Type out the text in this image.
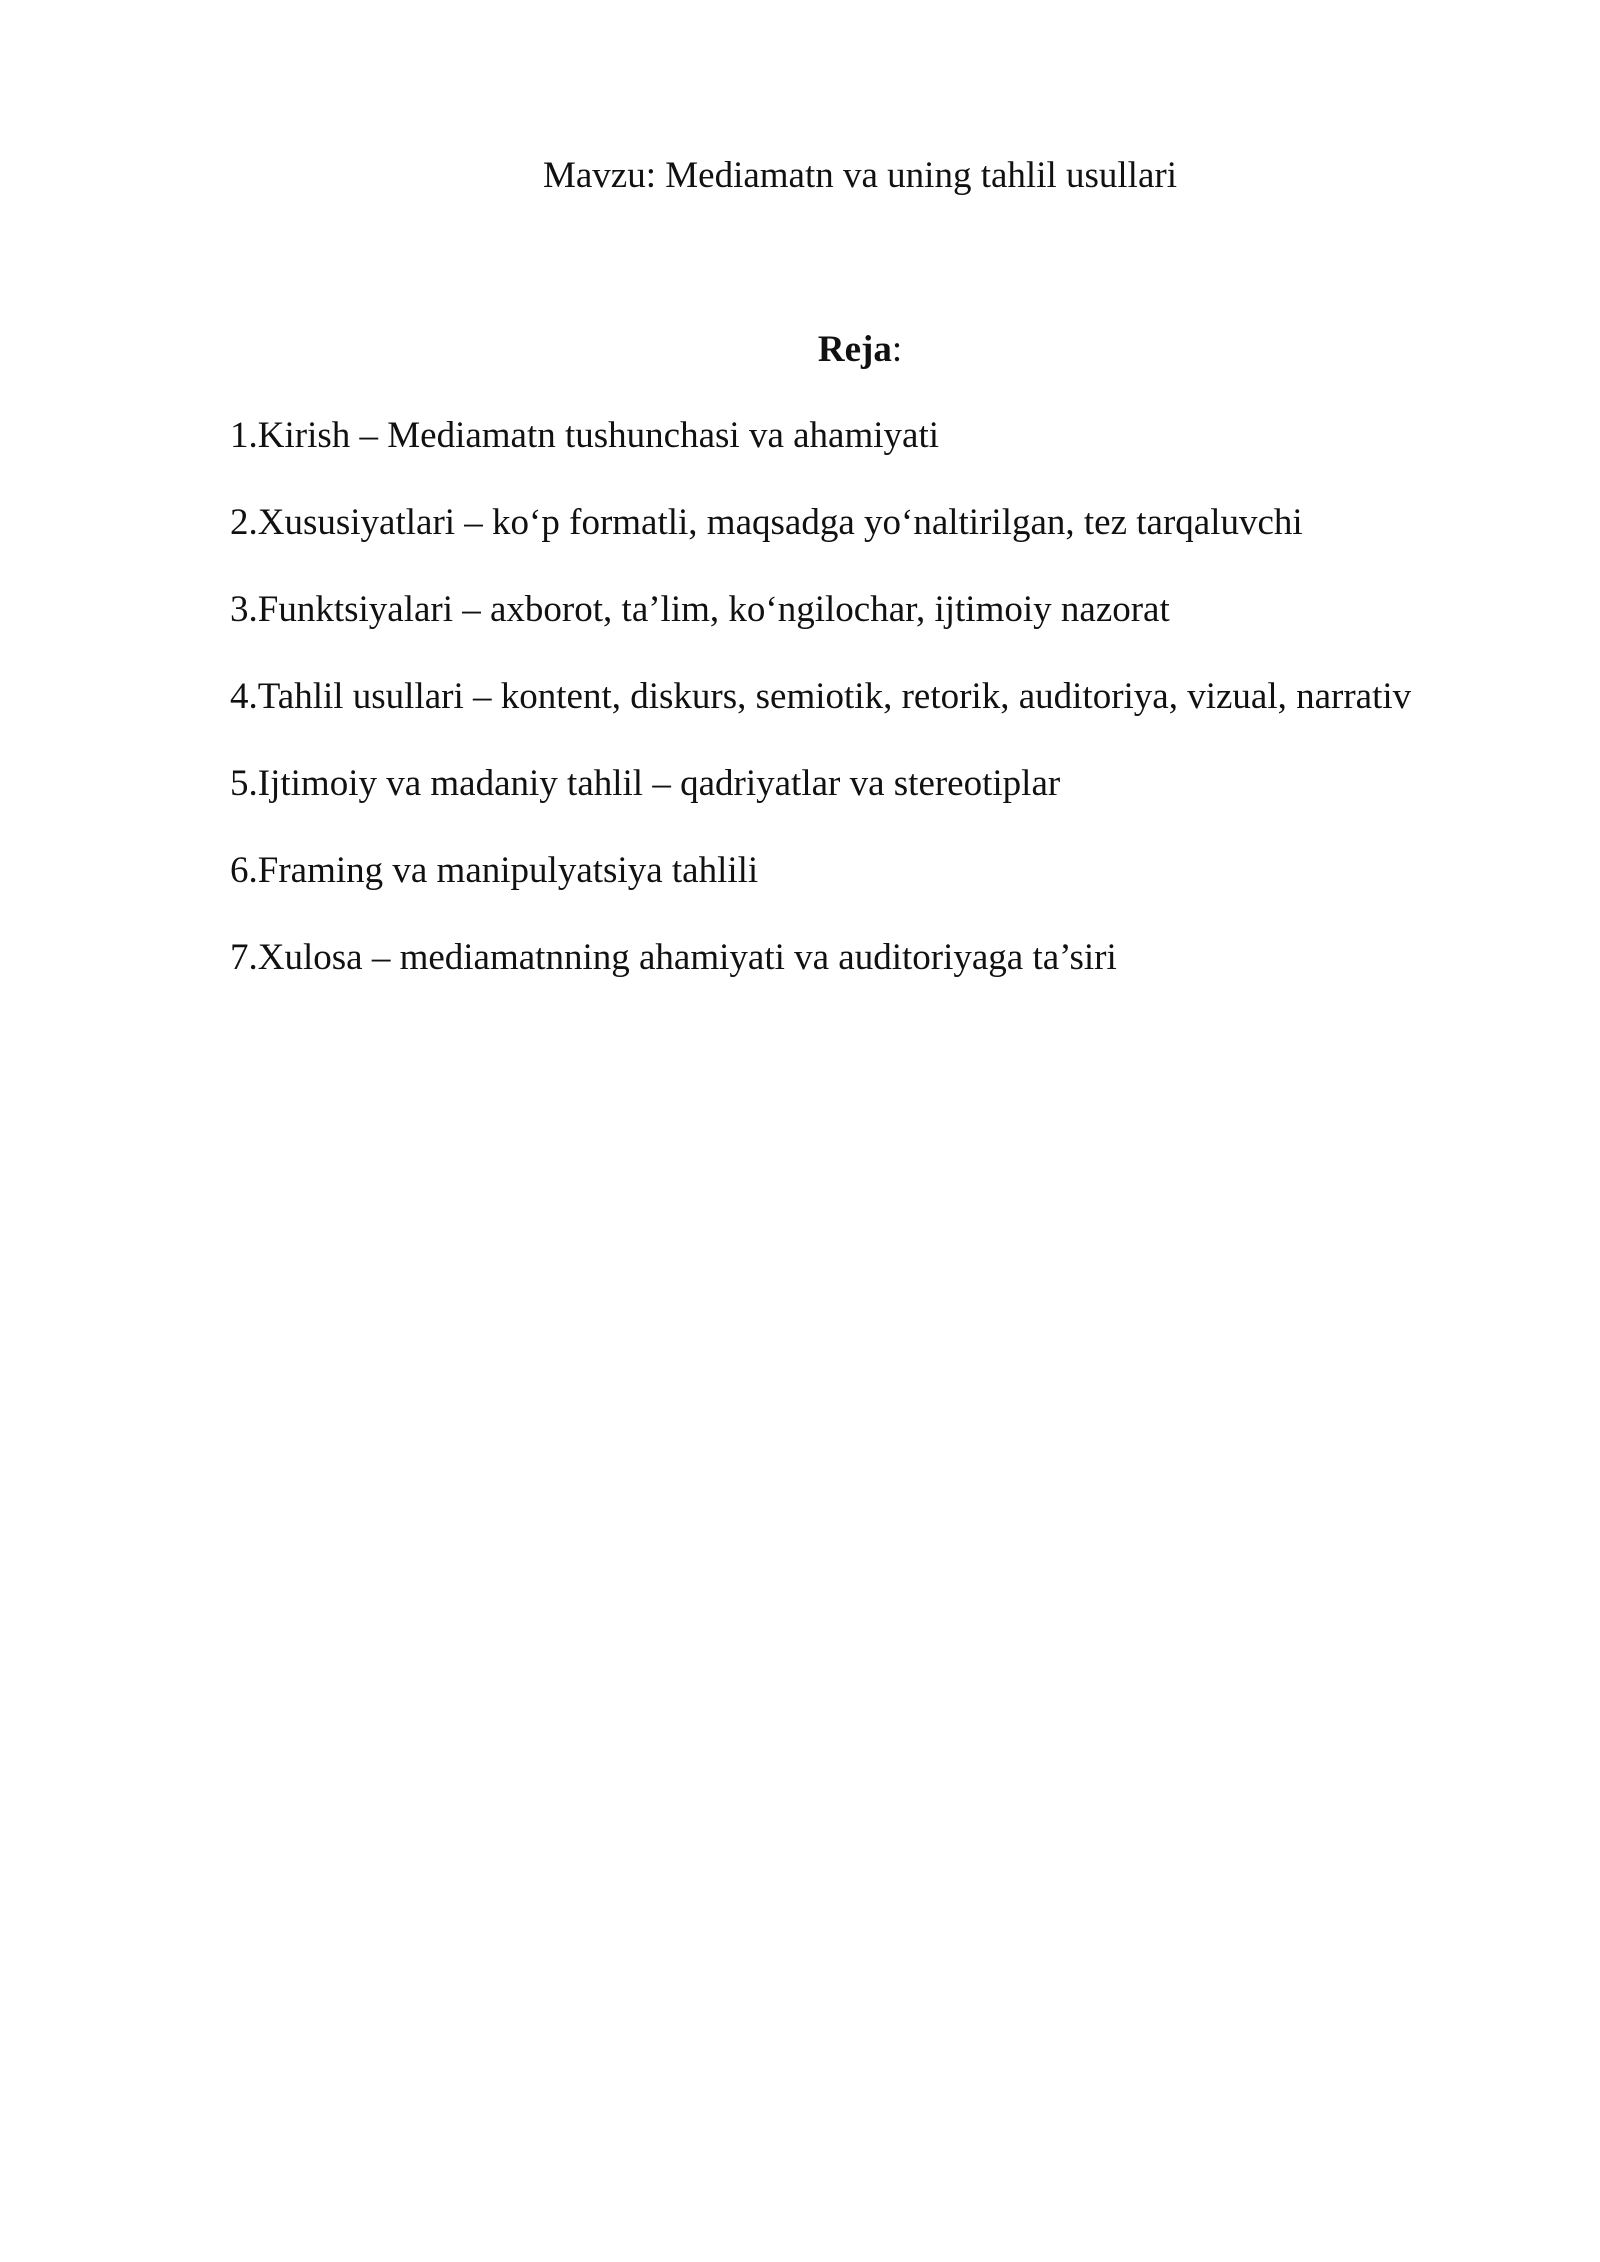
Mavzu: Mediamatn va uning tahlil usullari
Reja:
1.Kirish – Mediamatn tushunchasi va ahamiyati
2.Xususiyatlari – ko‘p formatli, maqsadga yo‘naltirilgan, tez tarqaluvchi
3.Funktsiyalari – axborot, ta’lim, ko‘ngilochar, ijtimoiy nazorat
4.Tahlil usullari – kontent, diskurs, semiotik, retorik, auditoriya, vizual, narrativ
5.Ijtimoiy va madaniy tahlil – qadriyatlar va stereotiplar
6.Framing va manipulyatsiya tahlili
7.Xulosa – mediamatnning ahamiyati va auditoriyaga ta’siri
